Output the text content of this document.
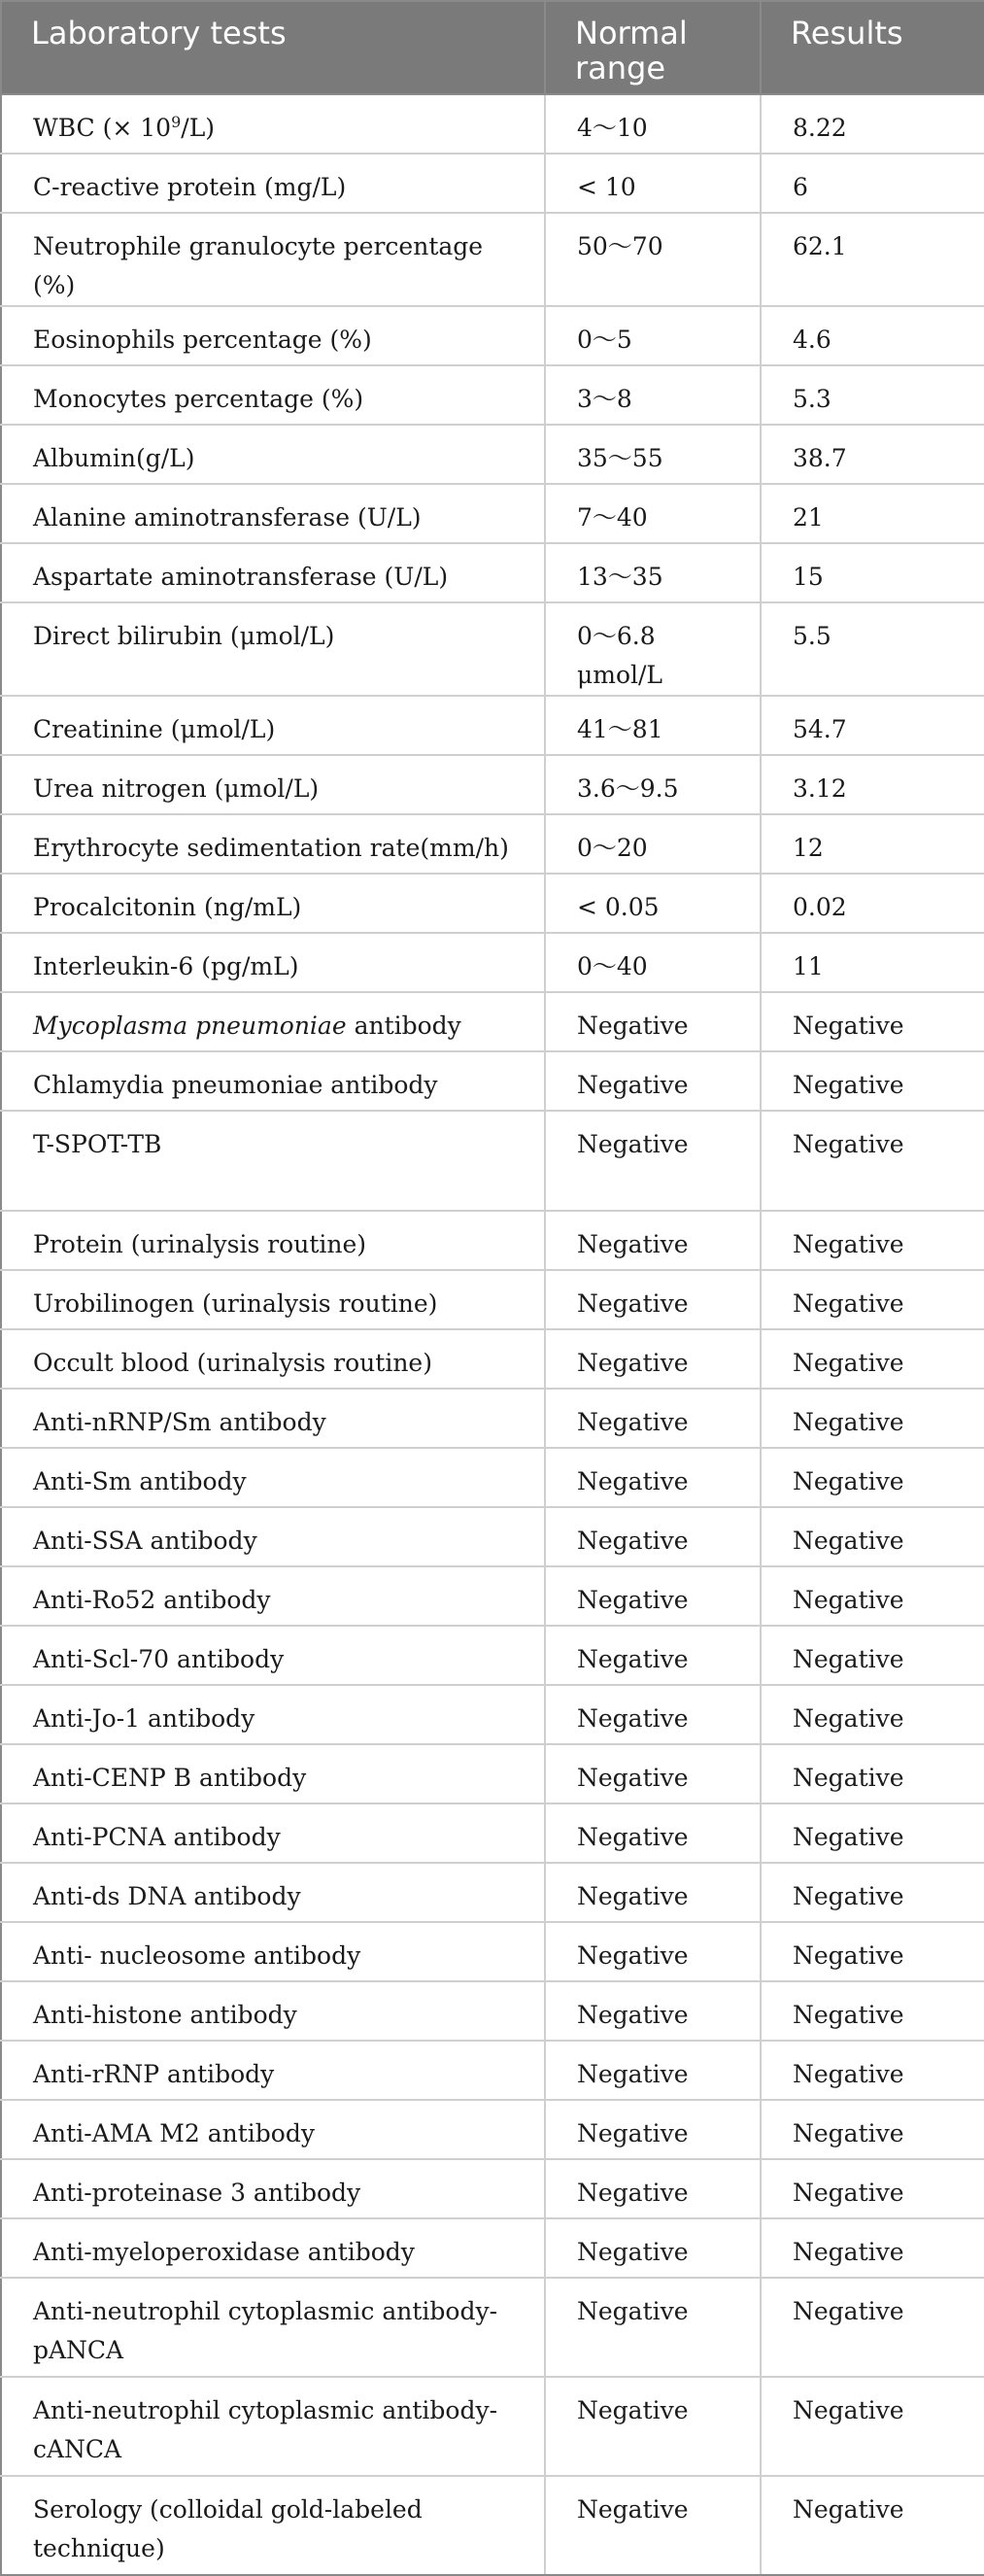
Laboratory tests	Normal range	Results
WBC (× $10^9/L$)	4～10	8.22
C-reactive protein (mg/L)	< 10	6
Neutrophile granulocyte percentage (%)	50～70	62.1
Eosinophils percentage (%)	0～5	4.6
Monocytes percentage (%)	3～8	5.3
Albumin(g/L)	35～55	38.7
Alanine aminotransferase (U/L)	7～40	21
Aspartate aminotransferase (U/L)	13～35	15
Direct bilirubin (μmol/L)	0～6.8 μmol/L	5.5
Creatinine (μmol/L)	41～81	54.7
Urea nitrogen (μmol/L)	3.6～9.5	3.12
Erythrocyte sedimentation rate(mm/h)	0～20	12
Procalcitonin (ng/mL)	< 0.05	0.02
Interleukin-6 (pg/mL)	0～40	11
Mycoplasma pneumoniae antibody	Negative	Negative
Chlamydia pneumoniae antibody	Negative	Negative
T-SPOT-TB	Negative	Negative
Protein (urinalysis routine)	Negative	Negative
Urobilinogen (urinalysis routine)	Negative	Negative
Occult blood (urinalysis routine)	Negative	Negative
Anti-nRNP/Sm antibody	Negative	Negative
Anti-Sm antibody	Negative	Negative
Anti-SSA antibody	Negative	Negative
Anti-Ro52 antibody	Negative	Negative
Anti-Scl-70 antibody	Negative	Negative
Anti-Jo-1 antibody	Negative	Negative
Anti-CENP B antibody	Negative	Negative
Anti-PCNA antibody	Negative	Negative
Anti-ds DNA antibody	Negative	Negative
Anti- nucleosome antibody	Negative	Negative
Anti-histone antibody	Negative	Negative
Anti-rRNP antibody	Negative	Negative
Anti-AMA M2 antibody	Negative	Negative
Anti-proteinase 3 antibody	Negative	Negative
Anti-myeloperoxidase antibody	Negative	Negative
Anti-neutrophil cytoplasmic antibody-pANCA	Negative	Negative
Anti-neutrophil cytoplasmic antibody-cANCA	Negative	Negative
Serology (colloidal gold-labeled technique)	Negative	Negative
